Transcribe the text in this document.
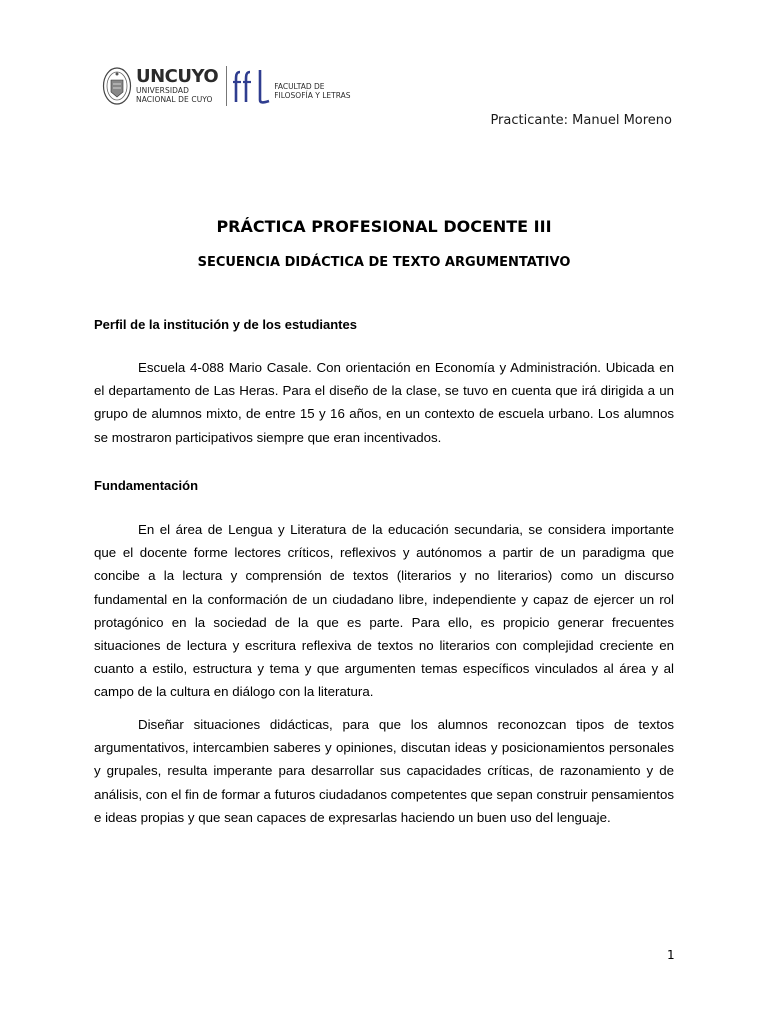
UNCUYO
UNIVERSIDAD
NACIONAL DE CUYO
FACULTAD DE
FILOSOFÍA Y LETRAS
Practicante: Manuel Moreno
PRÁCTICA PROFESIONAL DOCENTE III
SECUENCIA DIDÁCTICA DE TEXTO ARGUMENTATIVO
Perfil de la institución y de los estudiantes

Escuela 4-088 Mario Casale. Con orientación en Economía y Administración. Ubicada en el departamento de Las Heras. Para el diseño de la clase, se tuvo en cuenta que irá dirigida a un grupo de alumnos mixto, de entre 15 y 16 años, en un contexto de escuela urbano. Los alumnos se mostraron participativos siempre que eran incentivados.

Fundamentación

En el área de Lengua y Literatura de la educación secundaria, se considera importante que el docente forme lectores críticos, reflexivos y autónomos a partir de un paradigma que concibe a la lectura y comprensión de textos (literarios y no literarios) como un discurso fundamental en la conformación de un ciudadano libre, independiente y capaz de ejercer un rol protagónico en la sociedad de la que es parte. Para ello, es propicio generar frecuentes situaciones de lectura y escritura reflexiva de textos no literarios con complejidad creciente en cuanto a estilo, estructura y tema y que argumenten temas específicos vinculados al área y al campo de la cultura en diálogo con la literatura.

Diseñar situaciones didácticas, para que los alumnos reconozcan tipos de textos argumentativos, intercambien saberes y opiniones, discutan ideas y posicionamientos personales y grupales, resulta imperante para desarrollar sus capacidades críticas, de razonamiento y de análisis, con el fin de formar a futuros ciudadanos competentes que sepan construir pensamientos e ideas propias y que sean capaces de expresarlas haciendo un buen uso del lenguaje.

1
